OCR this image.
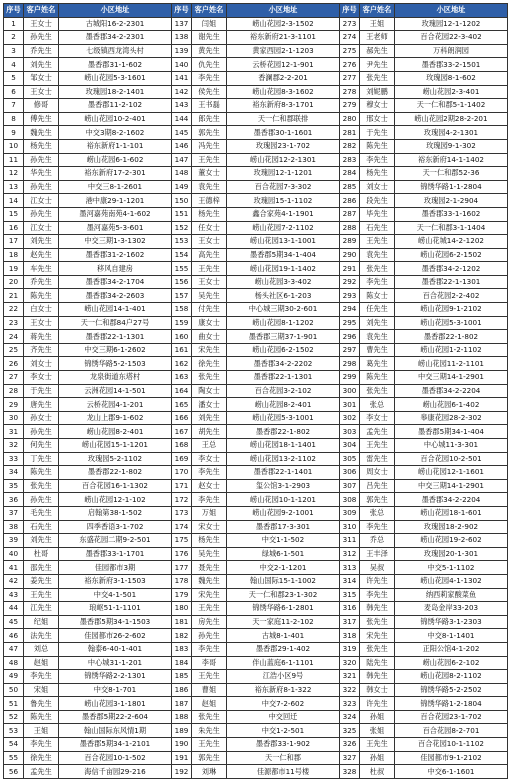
序号	客户姓名	小区地址	序号	客户姓名	小区地址	序号	客户姓名	小区地址
1	王女士	古城阳16-2-2301	137	闫姐	崂山花园2-3-1502	273	王姐	玫瑰园12-1-1202
2	孙先生	墨香郡34-2-2301	138	谢先生	裕东新府21-3-1101	274	王老师	百合花园22-3-402
3	乔先生	七级镇西龙湾头村	139	黄先生	黄家西园2-1-1203	275	郝先生	万科朗润园
4	刘先生	墨香郡31-1-602	140	仇先生	云桥花园12-1-901	276	尹先生	墨香郡33-2-1501
5	邹女士	崂山花园5-3-1601	141	李先生	香澜郡2-2-201	277	张先生	玫瑰园8-1-602
6	王女士	玫瑰园18-2-1401	142	侯先生	崂山花园8-3-1602	278	刘妮鹏	崂山花园2-3-401
7	修哥	墨香郡11-2-102	143	王书磊	裕东新府8-3-1701	279	穆女士	天一仁和郡5-1-1402
8	傅先生	崂山花园10-2-401	144	郎先生	天一仁和郡联排	280	邢女士	崂山花园2期28-2-201
9	魏先生	中交3期8-2-1602	145	郭先生	墨香郡30-1-1601	281	于先生	玫瑰园4-2-1301
10	杨先生	裕东新府1-1-101	146	冯先生	玫瑰园23-1-702	282	陈先生	玫瑰园9-1-302
11	孙先生	崂山花园6-1-602	147	王先生	崂山花园12-2-1301	283	李先生	裕东新府14-1-1402
12	华先生	裕东新府17-2-301	148	董女士	玫瑰园12-1-1201	284	杨先生	天一仁和郡52-36
13	孙先生	中交三8-1-2601	149	袁先生	百合花园7-3-302	285	刘女士	锦绣华路1-1-2804
14	江女士	港中康29-1-1201	150	王德梓	玫瑰园15-1-1102	286	段先生	玫瑰园2-1-2904
15	孙先生	墨河嘉苑南苑4-1-602	151	杨先生	鑫合家苑4-1-1901	287	毕先生	墨香郡33-1-1602
16	江女士	墨河嘉苑5-3-601	152	任女士	崂山花园7-2-1102	288	石先生	天一仁和郡3-1-1404
17	刘先生	中交三期1-3-1302	153	王女士	崂山花园13-1-1001	289	王先生	崂山花城14-2-1202
18	赵先生	墨香郡31-2-1602	154	高先生	墨香郡5期34-1-404	290	袁先生	崂山花园6-2-1502
19	车先生	移风自建房	155	王先生	崂山花园19-1-1402	291	张先生	墨香郡34-2-1202
20	乔先生	墨香郡34-2-1704	156	王女士	崂山花园3-3-402	292	李先生	墨香郡22-1-1301
21	陈先生	墨香郡34-2-2603	157	吴先生	杨头社区6-1-203	293	陈女士	百合花园2-2-402
22	白女士	崂山花园14-1-401	158	付先生	中心城三期30-2-601	294	任先生	崂山花园9-1-2102
23	王女士	天一仁和郡84户27号	159	康女士	崂山花园8-1-1202	295	刘先生	崂山花园5-3-1001
24	蒋先生	墨香郡22-1-1301	160	曲女士	墨香郡三期37-1-901	296	袁先生	墨香郡22-1-802
25	齐先生	中交三期6-1-2602	161	宋先生	崂山花园6-2-1502	297	曹先生	崂山花园1-2-1102
26	刘女士	锦绣华路5-2-1503	162	徐先生	墨香郡34-2-2202	298	葛先生	崂山花园11-2-1101
27	李女士	龙泉街道东塔村	163	张先生	墨香郡22-1-1301	299	陈先生	中交三期14-1-2901
28	于先生	云洲花园14-1-501	164	陶女士	百合花园3-2-102	300	张先生	墨香郡34-2-2204
29	唐先生	云桥花园4-1-201	165	潘女士	崂山花园8-2-401	301	张总	崂山花园6-1-402
30	孙女士	龙山上郡9-1-602	166	刘先生	崂山花园5-3-1001	302	李女士	皋康花园28-2-302
31	孙先生	崂山花园8-2-401	167	胡先生	墨香郡22-1-802	303	孟先生	墨香郡5期34-1-404
32	何先生	崂山花园15-1-1201	168	王总	崂山花园18-1-1401	304	王先生	中心城11-3-301
33	丁先生	玫瑰园5-2-1102	169	李女士	崂山花园13-2-1102	305	雷先生	百合花园10-2-501
34	陈先生	墨香郡22-1-802	170	李先生	墨香郡22-1-1401	306	周女士	崂山花园12-1-1601
35	张先生	百合花园16-1-1302	171	赵女士	玺公馆3-1-2903	307	吕先生	中交三期14-1-2901
36	孙先生	崂山花园12-1-102	172	李先生	崂山花园10-1-1201	308	郭先生	墨香郡34-2-2204
37	毛先生	启翰第38-1-502	173	万姐	崂山花园9-2-1001	309	张总	崂山花园18-1-601
38	石先生	四季香语3-1-702	174	宋女士	墨香郡17-3-301	310	李先生	玫瑰园18-2-902
39	刘先生	东盛花园二期9-2-501	175	杨先生	中交1-1-502	311	乔总	崂山花园19-2-602
40	杜哥	墨香郡33-1-1701	176	吴先生	绿城6-1-501	312	王丰泽	玫瑰园20-1-301
41	邵先生	佳园都市3期	177	聂先生	中交2-1-1201	313	吴叔	中交5-1-1102
42	姜先生	裕东新府3-1-1503	178	魏先生	翰山国际15-1-1002	314	许先生	崂山花园4-1-1302
43	王先生	中交4-1-501	179	宋先生	天一仁和郡23-1-302	315	李先生	纳西莉家酸菜鱼
44	江先生	琅岖51-1-1101	180	王先生	锦绣华路6-1-2801	316	韩先生	麦岛金岸33-203
45	纪姐	墨香郡5期34-1-1503	181	房先生	天一家庭11-2-102	317	张先生	锦绣华路3-1-2303
46	法先生	佳园都市26-2-602	182	孙先生	古城8-1-401	318	宋先生	中交8-1-1401
47	刘总	翰泰6-40-1-401	183	李先生	墨香郡29-1-402	319	张先生	正阳公馆4-1-202
48	赵姐	中心城31-1-201	184	李哥	伴山蓝庭6-1-1101	320	陆先生	崂山花园6-2-102
49	李先生	锦绣华路2-2-1301	185	王先生	江浩小区9号	321	韩先生	崂山花园8-2-1102
50	宋姐	中交8-1-701	186	曹姐	裕东新府8-1-322	322	韩女士	锦绣华路5-2-2502
51	鲁先生	崂山花园3-1-1801	187	赵姐	中交7-2-602	323	许先生	锦绣华路1-2-1804
52	陈先生	墨香郡5期22-2-604	188	张先生	中交回迁	324	孙姐	百合花园23-1-702
53	王姐	翰山国际东风情1期	189	朱先生	中交1-2-501	325	张姐	百合花园8-2-701
54	李先生	墨香郡5期34-1-2101	190	王先生	墨香郡33-1-902	326	王先生	百合花园10-1-1102
55	徐先生	百合花园10-1-502	191	郭先生	天一仁和郡	327	孙姐	佳园都市9-1-2102
56	孟先生	海信千亩园29-216	192	刘琳	佳源都市11号楼	328	杜叔	中交6-1-1601
